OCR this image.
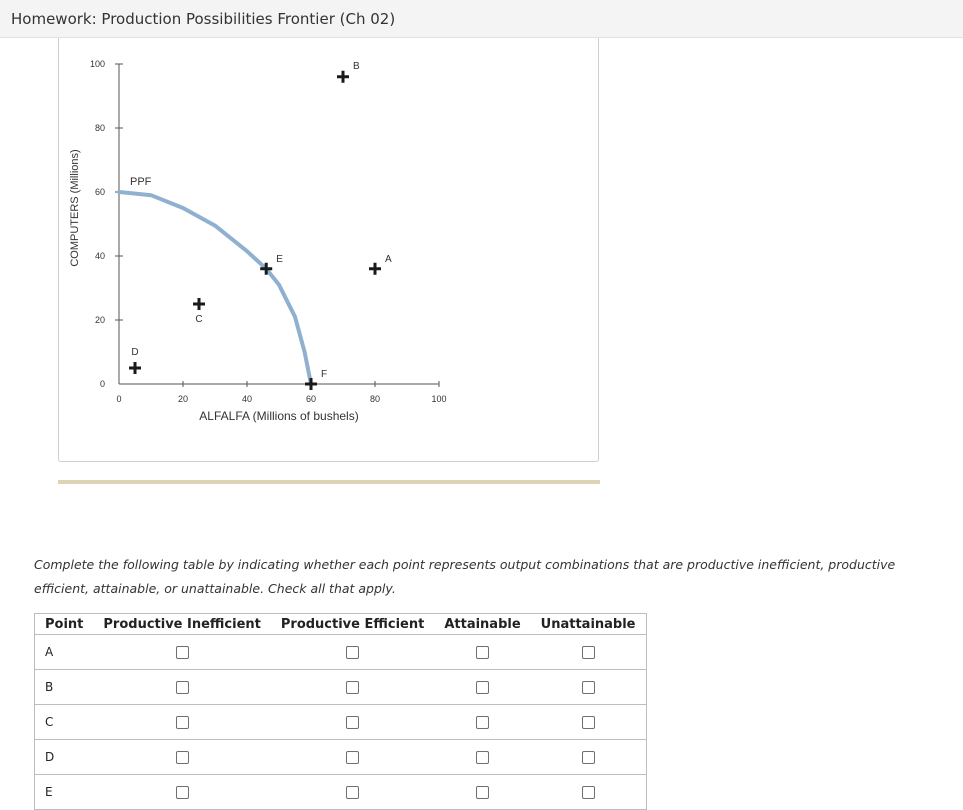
Homework: Production Possibilities Frontier (Ch 02)
COMPUTERS (Millions)
ALFALFA (Millions of bushels)
0	20	40	60	80	100
0
20
40
60
80
100
PPF
A
B
C
D
E
F
Complete the following table by indicating whether each point represents output combinations that are productive inefficient, productive efficient, attainable, or unattainable. Check all that apply.
Point	Productive Inefficient	Productive Efficient	Attainable	Unattainable
A				
B				
C				
D				
E				
